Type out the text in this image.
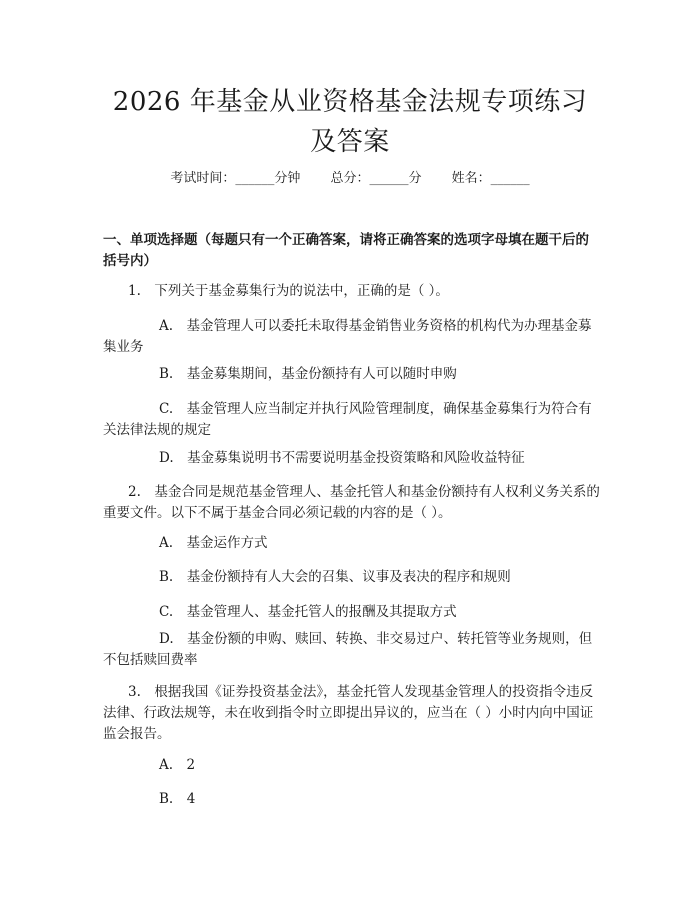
2026 年基金从业资格基金法规专项练习及答案
考试时间：______分钟 总分：______分 姓名：______
一、单项选择题（每题只有一个正确答案，请将正确答案的选项字母填在题干后的括号内）
1.　下列关于基金募集行为的说法中，正确的是（ ）。
A.　基金管理人可以委托未取得基金销售业务资格的机构代为办理基金募集业务
B.　基金募集期间，基金份额持有人可以随时申购
C.　基金管理人应当制定并执行风险管理制度，确保基金募集行为符合有关法律法规的规定
D.　基金募集说明书不需要说明基金投资策略和风险收益特征
2.　基金合同是规范基金管理人、基金托管人和基金份额持有人权利义务关系的重要文件。以下不属于基金合同必须记载的内容的是（ ）。
A.　基金运作方式
B.　基金份额持有人大会的召集、议事及表决的程序和规则
C.　基金管理人、基金托管人的报酬及其提取方式
D.　基金份额的申购、赎回、转换、非交易过户、转托管等业务规则，但不包括赎回费率
3.　根据我国《证券投资基金法》，基金托管人发现基金管理人的投资指令违反法律、行政法规等，未在收到指令时立即提出异议的，应当在（ ）小时内向中国证监会报告。
A.　2
B.　4
